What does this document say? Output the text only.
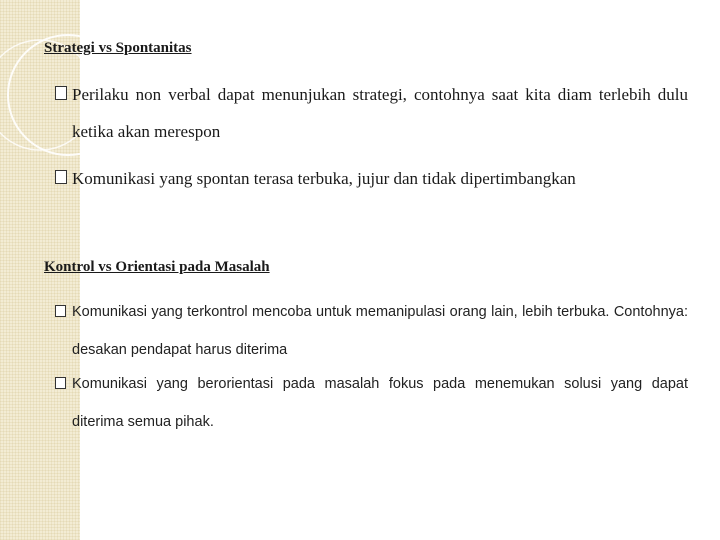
Strategi vs Spontanitas

Perilaku non verbal dapat menunjukan strategi, contohnya saat kita diam terlebih dulu ketika akan merespon

Komunikasi yang spontan terasa terbuka, jujur dan tidak dipertimbangkan

Kontrol vs Orientasi pada Masalah

Komunikasi yang terkontrol mencoba untuk memanipulasi orang lain, lebih terbuka. Contohnya: desakan pendapat harus diterima

Komunikasi yang berorientasi pada masalah fokus pada menemukan solusi yang dapat diterima semua pihak.
